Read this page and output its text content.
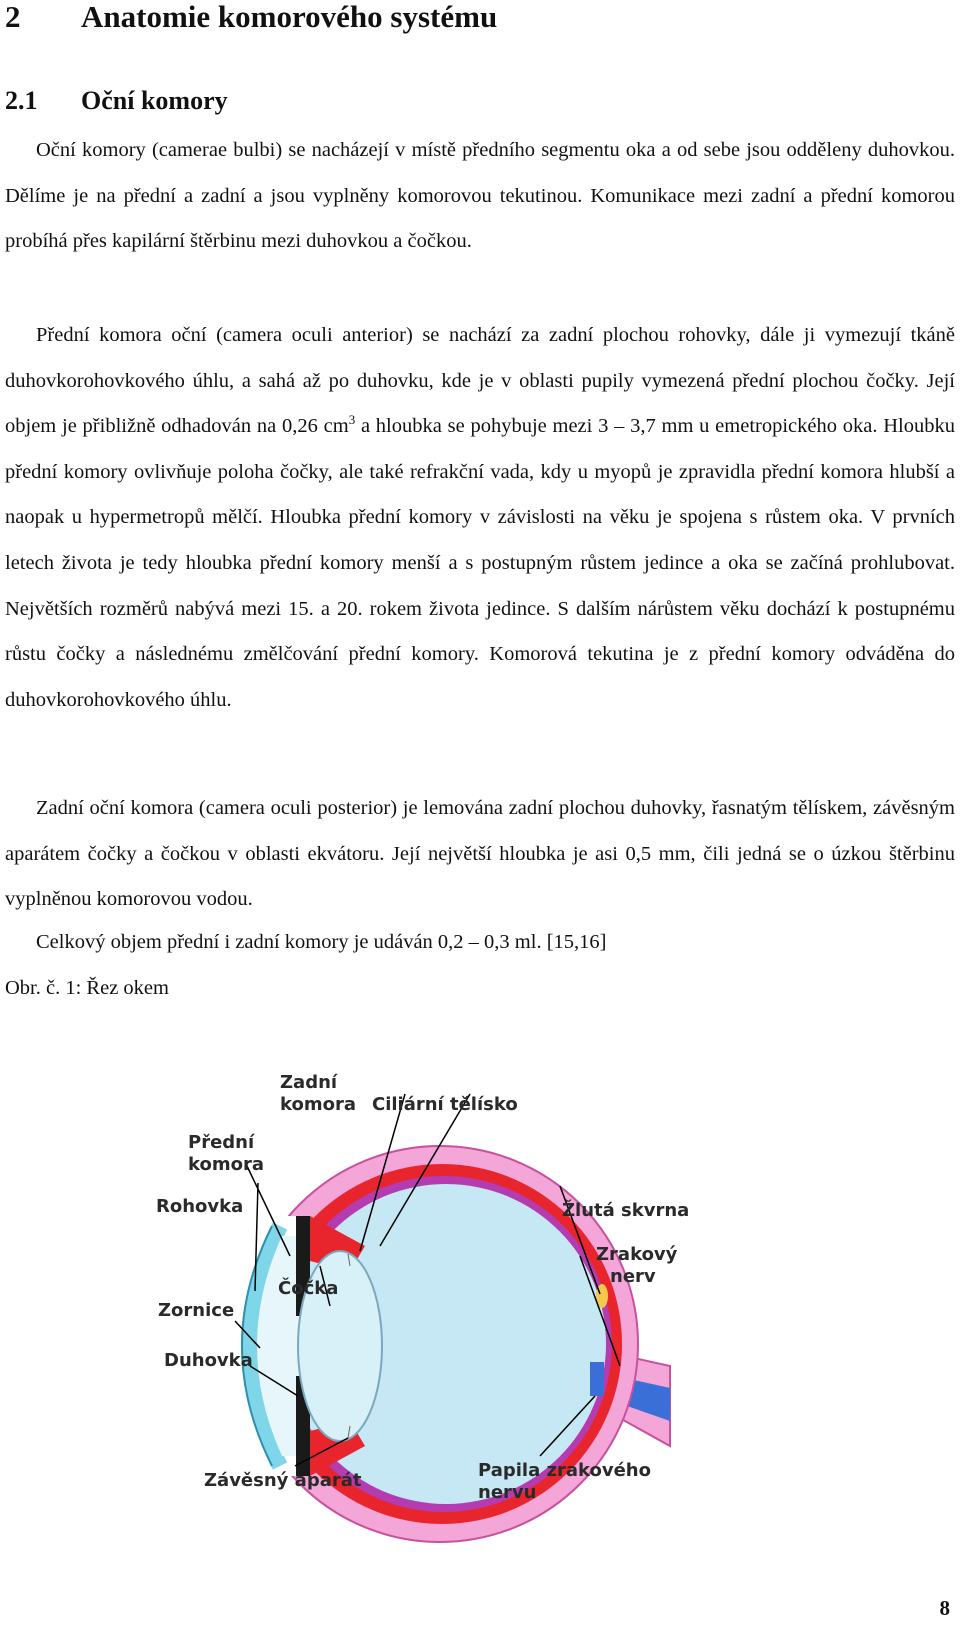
2 Anatomie komorového systému
2.1 Oční komory

Oční komory (camerae bulbi) se nacházejí v místě předního segmentu oka a od sebe jsou odděleny duhovkou. Dělíme je na přední a zadní a jsou vyplněny komorovou tekutinou. Komunikace mezi zadní a přední komorou probíhá přes kapilární štěrbinu mezi duhovkou a čočkou.

Přední komora oční (camera oculi anterior) se nachází za zadní plochou rohovky, dále ji vymezují tkáně duhovkorohovkového úhlu, a sahá až po duhovku, kde je v oblasti pupily vymezená přední plochou čočky. Její objem je přibližně odhadován na 0,26 $cm^3$ a hloubka se pohybuje mezi 3 – 3,7 mm u emetropického oka. Hloubku přední komory ovlivňuje poloha čočky, ale také refrakční vada, kdy u myopů je zpravidla přední komora hlubší a naopak u hypermetropů mělčí. Hloubka přední komory v závislosti na věku je spojena s růstem oka. V prvních letech života je tedy hloubka přední komory menší a s postupným růstem jedince a oka se začíná prohlubovat. Největších rozměrů nabývá mezi 15. a 20. rokem života jedince. S dalším nárůstem věku dochází k postupnému růstu čočky a následnému změlčování přední komory. Komorová tekutina je z přední komory odváděna do duhovkorohovkového úhlu.

Zadní oční komora (camera oculi posterior) je lemována zadní plochou duhovky, řasnatým tělískem, závěsným aparátem čočky a čočkou v oblasti ekvátoru. Její největší hloubka je asi 0,5 mm, čili jedná se o úzkou štěrbinu vyplněnou komorovou vodou.

Celkový objem přední i zadní komory je udáván 0,2 – 0,3 ml. [15,16]

Obr. č. 1: Řez okem

Zadní
komora Ciliární tělísko
Přední
komora
Rohovka	Žlutá skvrna
Zrakový
nerv
Čočka
Zornice
Duhovka
Závěsný aparát	Papila zrakového
nervu
8
